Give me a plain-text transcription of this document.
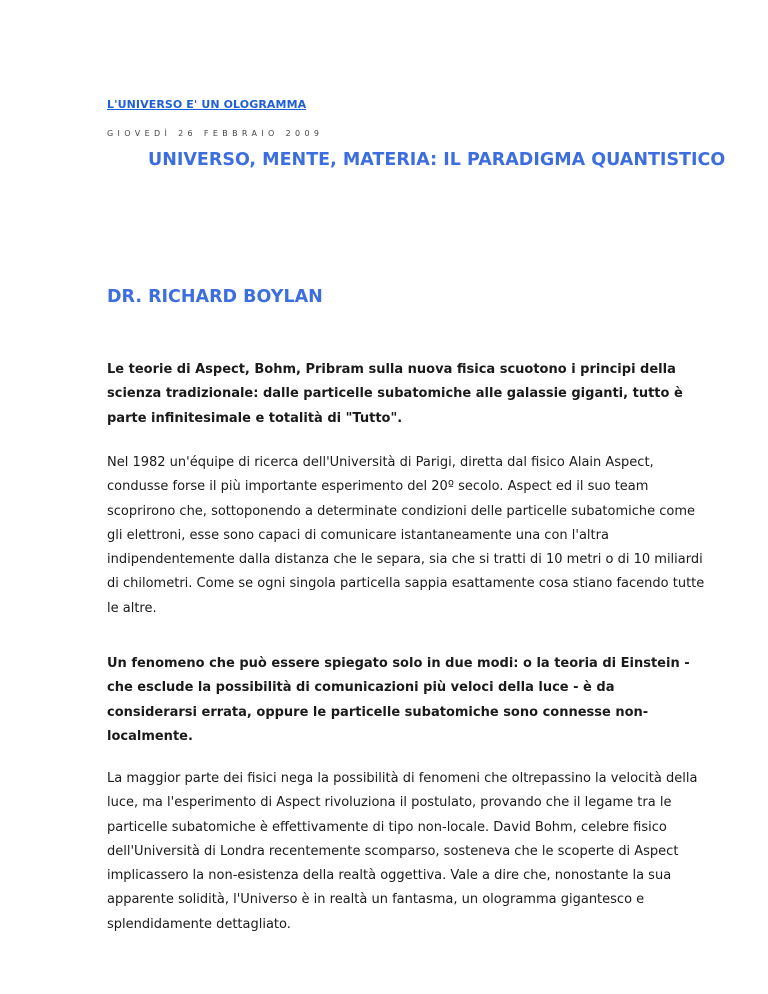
L'UNIVERSO E' UN OLOGRAMMA
GIOVEDÌ 26 FEBBRAIO 2009
UNIVERSO, MENTE, MATERIA: IL PARADIGMA QUANTISTICO
DR. RICHARD BOYLAN

Le teorie di Aspect, Bohm, Pribram sulla nuova fisica scuotono i principi della scienza tradizionale: dalle particelle subatomiche alle galassie giganti, tutto è parte infinitesimale e totalità di "Tutto".

Nel 1982 un'équipe di ricerca dell'Università di Parigi, diretta dal fisico Alain Aspect, condusse forse il più importante esperimento del 20º secolo. Aspect ed il suo team scoprirono che, sottoponendo a determinate condizioni delle particelle subatomiche come gli elettroni, esse sono capaci di comunicare istantaneamente una con l'altra indipendentemente dalla distanza che le separa, sia che si tratti di 10 metri o di 10 miliardi di chilometri. Come se ogni singola particella sappia esattamente cosa stiano facendo tutte le altre.

Un fenomeno che può essere spiegato solo in due modi: o la teoria di Einstein - che esclude la possibilità di comunicazioni più veloci della luce - è da considerarsi errata, oppure le particelle subatomiche sono connesse non-localmente.

La maggior parte dei fisici nega la possibilità di fenomeni che oltrepassino la velocità della luce, ma l'esperimento di Aspect rivoluziona il postulato, provando che il legame tra le particelle subatomiche è effettivamente di tipo non-locale. David Bohm, celebre fisico dell'Università di Londra recentemente scomparso, sosteneva che le scoperte di Aspect implicassero la non-esistenza della realtà oggettiva. Vale a dire che, nonostante la sua apparente solidità, l'Universo è in realtà un fantasma, un ologramma gigantesco e splendidamente dettagliato.
